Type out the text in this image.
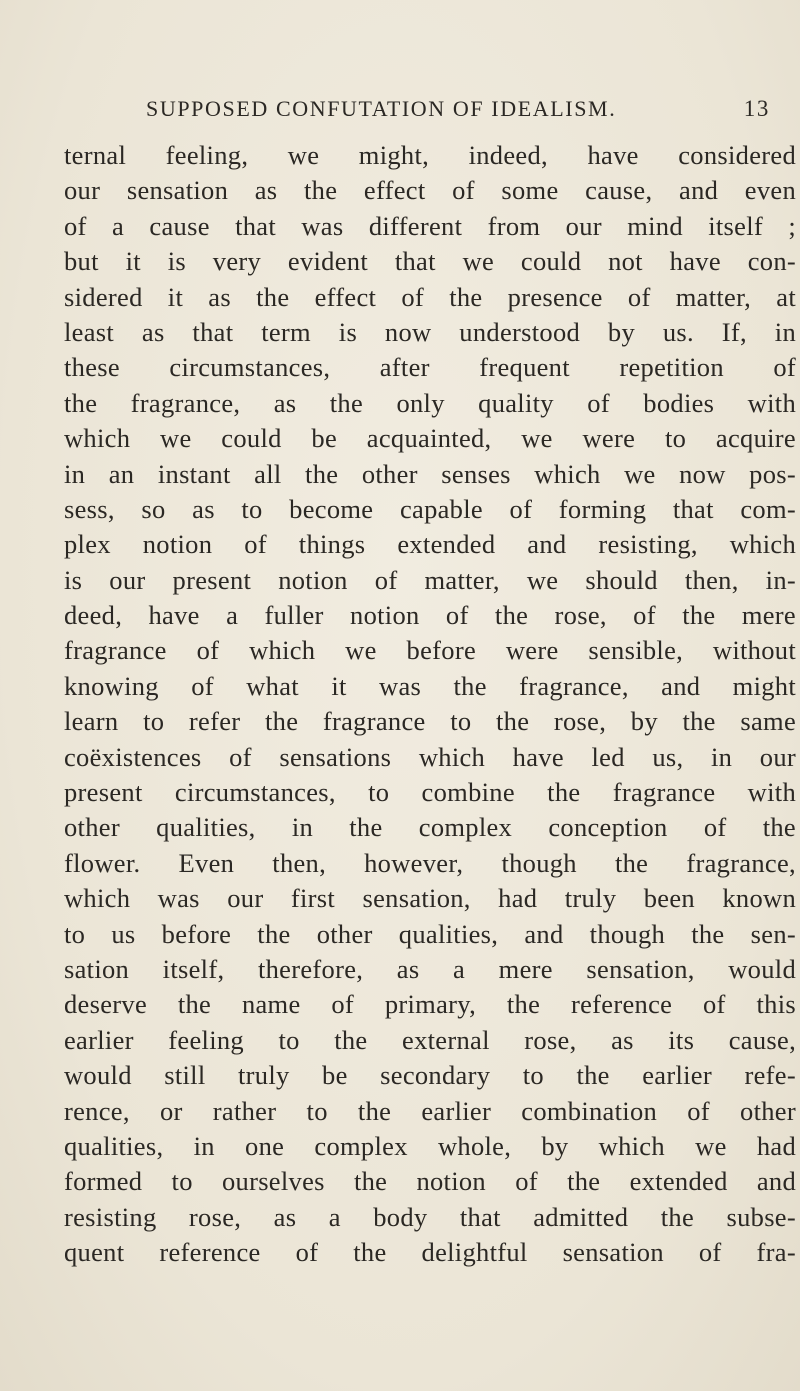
SUPPOSED CONFUTATION OF IDEALISM.	13
ternal feeling, we might, indeed, have considered
our sensation as the effect of some cause, and even
of a cause that was different from our mind itself ;
but it is very evident that we could not have con-
sidered it as the effect of the presence of matter, at
least as that term is now understood by us. If, in
these circumstances, after frequent repetition of
the fragrance, as the only quality of bodies with
which we could be acquainted, we were to acquire
in an instant all the other senses which we now pos-
sess, so as to become capable of forming that com-
plex notion of things extended and resisting, which
is our present notion of matter, we should then, in-
deed, have a fuller notion of the rose, of the mere
fragrance of which we before were sensible, without
knowing of what it was the fragrance, and might
learn to refer the fragrance to the rose, by the same
coëxistences of sensations which have led us, in our
present circumstances, to combine the fragrance with
other qualities, in the complex conception of the
flower. Even then, however, though the fragrance,
which was our first sensation, had truly been known
to us before the other qualities, and though the sen-
sation itself, therefore, as a mere sensation, would
deserve the name of primary, the reference of this
earlier feeling to the external rose, as its cause,
would still truly be secondary to the earlier refe-
rence, or rather to the earlier combination of other
qualities, in one complex whole, by which we had
formed to ourselves the notion of the extended and
resisting rose, as a body that admitted the subse-
quent reference of the delightful sensation of fra-
